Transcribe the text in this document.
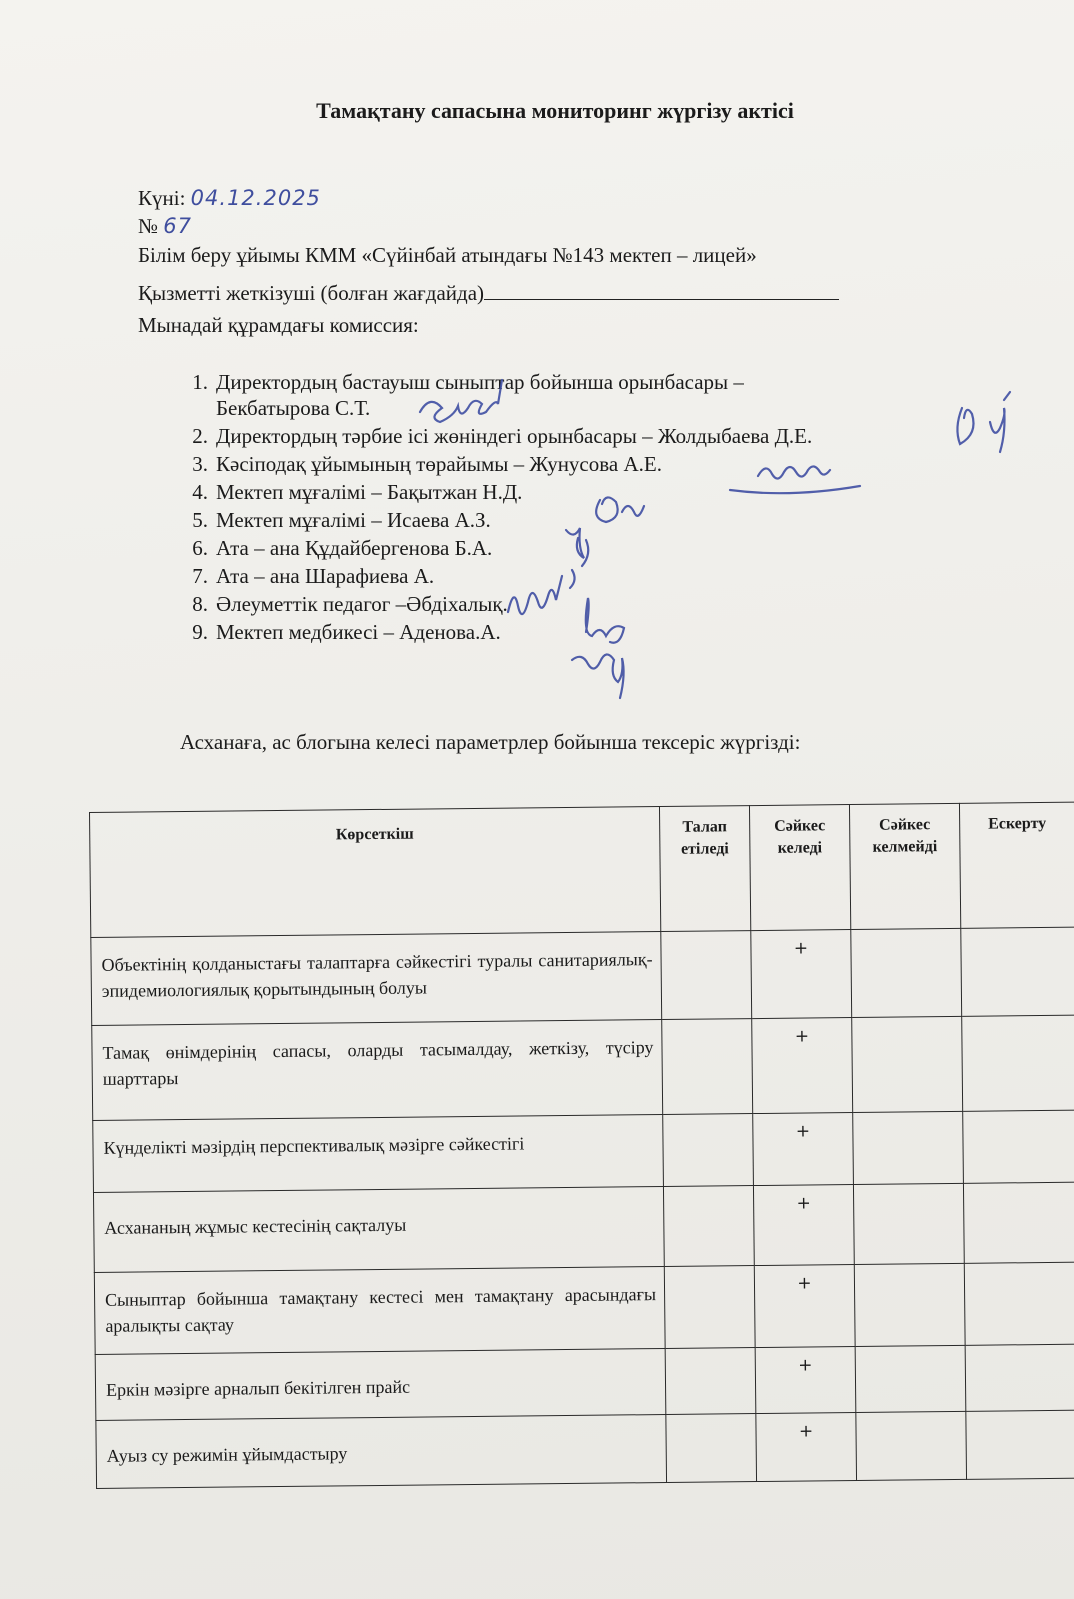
Тамақтану сапасына мониторинг жүргізу актісі
Күні: 04.12.2025
№ 67
Білім беру ұйымы КММ «Сүйінбай атындағы №143 мектеп – лицей»
Қызметті жеткізуші (болған жағдайда)
Мынадай құрамдағы комиссия:
1. Директордың бастауыш сыныптар бойынша орынбасары –
Бекбатырова С.Т.
2. Директордың тәрбие ісі жөніндегі орынбасары – Жолдыбаева Д.Е.
3. Кәсіподақ ұйымының төрайымы – Жунусова А.Е.
4. Мектеп мұғалімі – Бақытжан Н.Д.
5. Мектеп мұғалімі – Исаева А.З.
6. Ата – ана Құдайбергенова Б.А.
7. Ата – ана Шарафиева А.
8. Әлеуметтік педагог –Әбдіхалық.
9. Мектеп медбикесі – Аденова.А.
Асханаға, ас блогына келесі параметрлер бойынша тексеріс жүргізді:
Көрсеткіш	Талап етіледі	Сәйкес келеді	Сәйкес келмейді	Ескерту
Объектінің қолданыстағы талаптарға сәйкестігі туралы санитариялық-эпидемиологиялық қорытындының болуы		+		
Тамақ өнімдерінің сапасы, оларды тасымалдау, жеткізу, түсіру шарттары		+		
Күнделікті мәзірдің перспективалық мәзірге сәйкестігі		+		
Асхананың жұмыс кестесінің сақталуы		+		
Сыныптар бойынша тамақтану кестесі мен тамақтану арасындағы аралықты сақтау		+		
Еркін мәзірге арналып бекітілген прайс		+		
Ауыз су режимін ұйымдастыру		+		
